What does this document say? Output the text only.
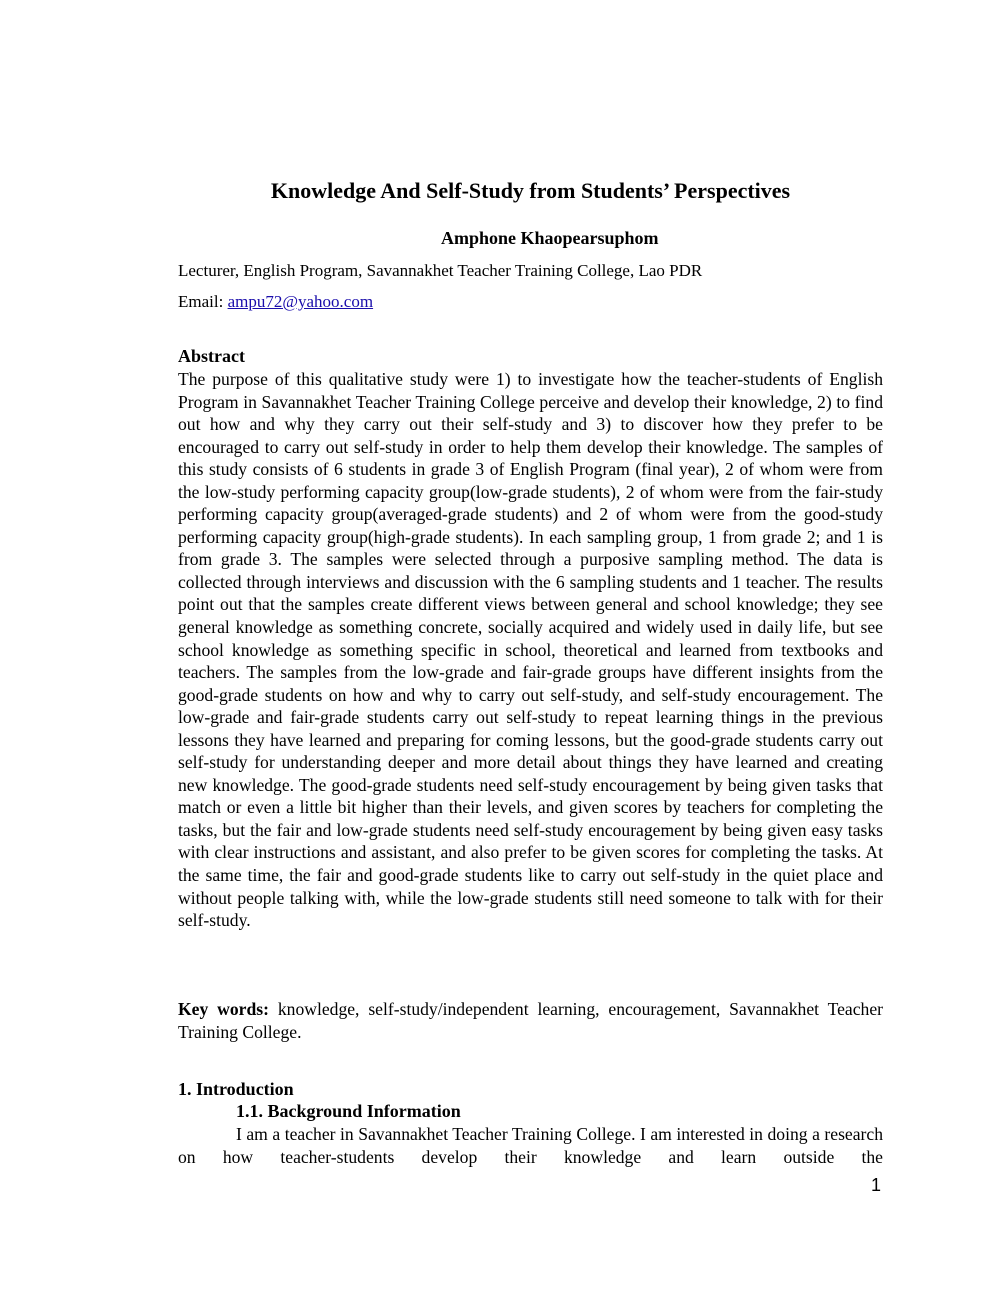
Knowledge And Self-Study from Students’ Perspectives
Amphone Khaopearsuphom
Lecturer, English Program, Savannakhet Teacher Training College, Lao PDR
Email: ampu72@yahoo.com
Abstract
The purpose of this qualitative study were 1) to investigate how the teacher-students of English Program in Savannakhet Teacher Training College perceive and develop their knowledge, 2) to find out how and why they carry out their self-study and 3) to discover how they prefer to be encouraged to carry out self-study in order to help them develop their knowledge. The samples of this study consists of 6 students in grade 3 of English Program (final year), 2 of whom were from the low-study performing capacity group(low-grade students), 2 of whom were from the fair-study performing capacity group(averaged-grade students) and 2 of whom were from the good-study performing capacity group(high-grade students). In each sampling group, 1 from grade 2; and 1 is from grade 3. The samples were selected through a purposive sampling method. The data is collected through interviews and discussion with the 6 sampling students and 1 teacher. The results point out that the samples create different views between general and school knowledge; they see general knowledge as something concrete, socially acquired and widely used in daily life, but see school knowledge as something specific in school, theoretical and learned from textbooks and teachers. The samples from the low-grade and fair-grade groups have different insights from the good-grade students on how and why to carry out self-study, and self-study encouragement. The low-grade and fair-grade students carry out self-study to repeat learning things in the previous lessons they have learned and preparing for coming lessons, but the good-grade students carry out self-study for understanding deeper and more detail about things they have learned and creating new knowledge. The good-grade students need self-study encouragement by being given tasks that match or even a little bit higher than their levels, and given scores by teachers for completing the tasks, but the fair and low-grade students need self-study encouragement by being given easy tasks with clear instructions and assistant, and also prefer to be given scores for completing the tasks. At the same time, the fair and good-grade students like to carry out self-study in the quiet place and without people talking with, while the low-grade students still need someone to talk with for their self-study.
Key words: knowledge, self-study/independent learning, encouragement, Savannakhet Teacher Training College.
1. Introduction
1.1. Background Information
I am a teacher in Savannakhet Teacher Training College. I am interested in doing a research on how teacher-students develop their knowledge and learn outside the
1
